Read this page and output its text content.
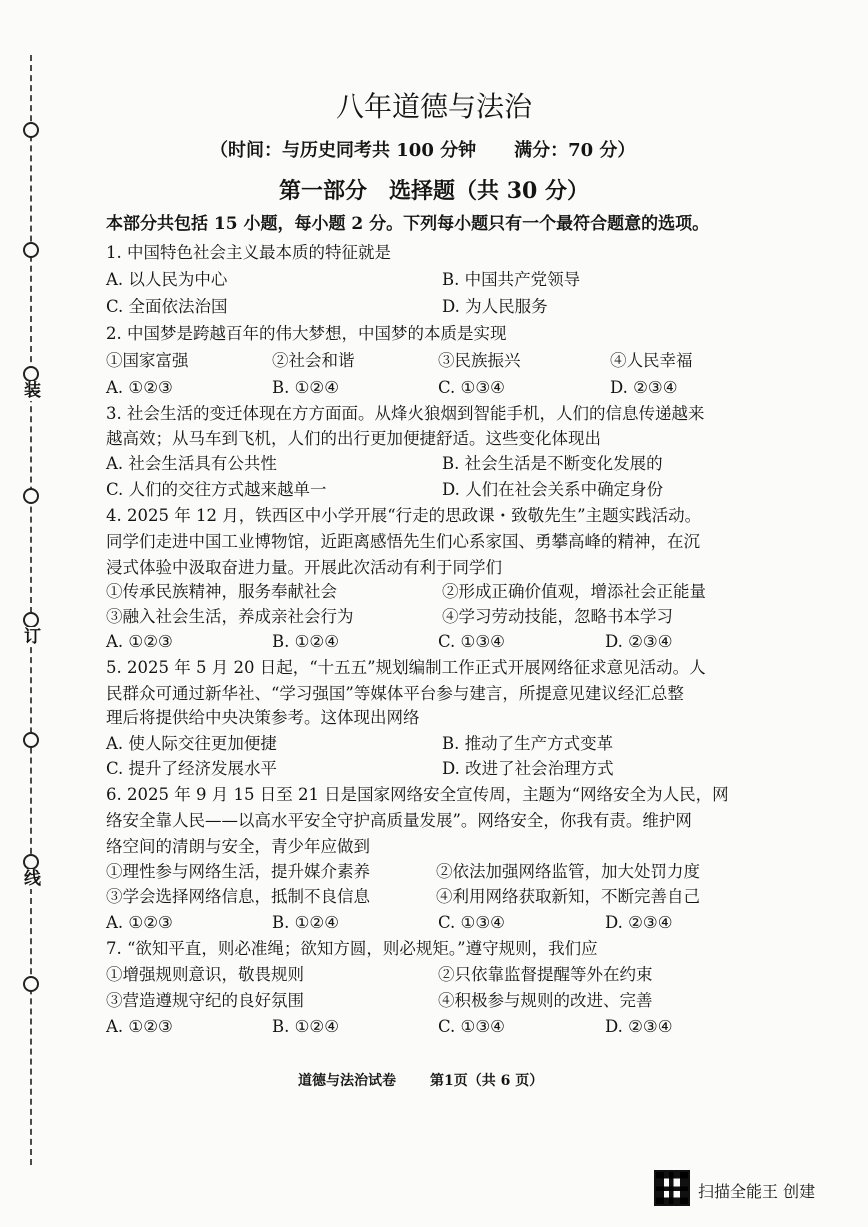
装
订
线
八年道德与法治
（时间：与历史同考共 100 分钟 满分：70 分）
第一部分　选择题（共 30 分）
本部分共包括 15 小题，每小题 2 分。下列每小题只有一个最符合题意的选项。
1. 中国特色社会主义最本质的特征就是
A. 以人民为中心	B. 中国共产党领导
C. 全面依法治国	D. 为人民服务
2. 中国梦是跨越百年的伟大梦想，中国梦的本质是实现
①国家富强	②社会和谐	③民族振兴	④人民幸福
A. ①②③	B. ①②④	C. ①③④	D. ②③④
3. 社会生活的变迁体现在方方面面。从烽火狼烟到智能手机，人们的信息传递越来
越高效；从马车到飞机，人们的出行更加便捷舒适。这些变化体现出
A. 社会生活具有公共性	B. 社会生活是不断变化发展的
C. 人们的交往方式越来越单一	D. 人们在社会关系中确定身份
4. 2025 年 12 月，铁西区中小学开展“行走的思政课・致敬先生”主题实践活动。
同学们走进中国工业博物馆，近距离感悟先生们心系家国、勇攀高峰的精神，在沉
浸式体验中汲取奋进力量。开展此次活动有利于同学们
①传承民族精神，服务奉献社会	②形成正确价值观，增添社会正能量
③融入社会生活，养成亲社会行为	④学习劳动技能，忽略书本学习
A. ①②③	B. ①②④	C. ①③④	D. ②③④
5. 2025 年 5 月 20 日起，“十五五”规划编制工作正式开展网络征求意见活动。人
民群众可通过新华社、“学习强国”等媒体平台参与建言，所提意见建议经汇总整
理后将提供给中央决策参考。这体现出网络
A. 使人际交往更加便捷	B. 推动了生产方式变革
C. 提升了经济发展水平	D. 改进了社会治理方式
6. 2025 年 9 月 15 日至 21 日是国家网络安全宣传周，主题为“网络安全为人民，网
络安全靠人民——以高水平安全守护高质量发展”。网络安全，你我有责。维护网
络空间的清朗与安全，青少年应做到
①理性参与网络生活，提升媒介素养	②依法加强网络监管，加大处罚力度
③学会选择网络信息，抵制不良信息	④利用网络获取新知，不断完善自己
A. ①②③	B. ①②④	C. ①③④	D. ②③④
7. “欲知平直，则必准绳；欲知方圆，则必规矩。”遵守规则，我们应
①增强规则意识，敬畏规则	②只依靠监督提醒等外在约束
③营造遵规守纪的良好氛围	④积极参与规则的改进、完善
A. ①②③	B. ①②④	C. ①③④	D. ②③④
道德与法治试卷 第1页（共 6 页）
扫描全能王 创建
